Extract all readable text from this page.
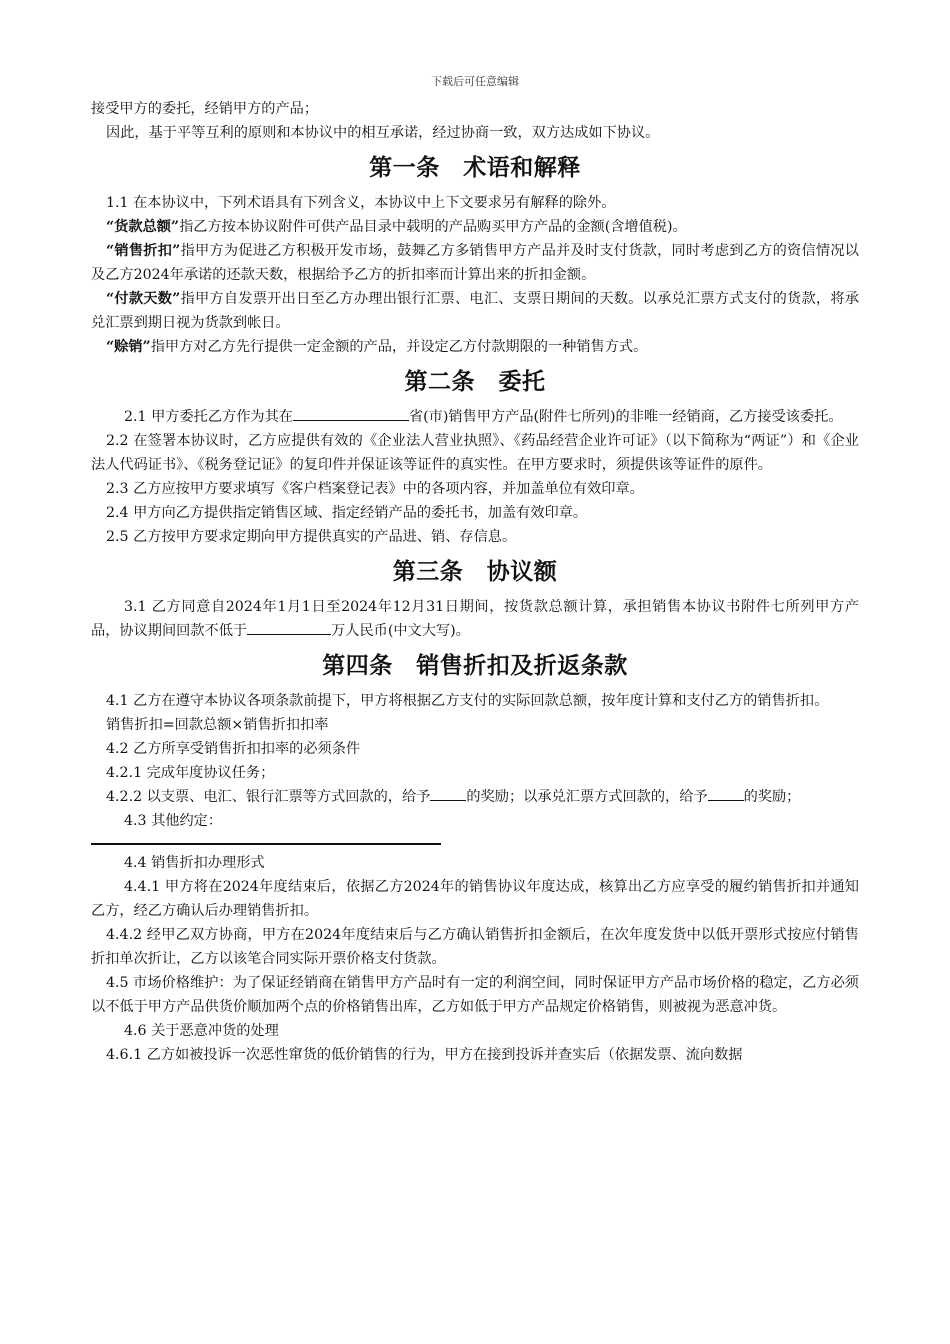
下载后可任意编辑

接受甲方的委托，经销甲方的产品；

因此，基于平等互利的原则和本协议中的相互承诺，经过协商一致，双方达成如下协议。

第一条　术语和解释

1.1 在本协议中，下列术语具有下列含义，本协议中上下文要求另有解释的除外。

“货款总额”指乙方按本协议附件可供产品目录中载明的产品购买甲方产品的金额(含增值税)。

“销售折扣”指甲方为促进乙方积极开发市场，鼓舞乙方多销售甲方产品并及时支付货款，同时考虑到乙方的资信情况以及乙方2024年承诺的还款天数，根据给予乙方的折扣率而计算出来的折扣金额。

“付款天数”指甲方自发票开出日至乙方办理出银行汇票、电汇、支票日期间的天数。以承兑汇票方式支付的货款，将承兑汇票到期日视为货款到帐日。

“赊销”指甲方对乙方先行提供一定金额的产品，并设定乙方付款期限的一种销售方式。

第二条　委托

2.1 甲方委托乙方作为其在	省(市)销售甲方产品(附件七所列)的非唯一经销商，乙方接受该委托。

2.2 在签署本协议时，乙方应提供有效的《企业法人营业执照》、《药品经营企业许可证》（以下简称为“两证”）和《企业法人代码证书》、《税务登记证》的复印件并保证该等证件的真实性。在甲方要求时，须提供该等证件的原件。

2.3 乙方应按甲方要求填写《客户档案登记表》中的各项内容，并加盖单位有效印章。

2.4 甲方向乙方提供指定销售区域、指定经销产品的委托书，加盖有效印章。

2.5 乙方按甲方要求定期向甲方提供真实的产品进、销、存信息。

第三条　协议额

3.1 乙方同意自2024年1月1日至2024年12月31日期间，按货款总额计算，承担销售本协议书附件七所列甲方产品，协议期间回款不低于	万人民币(中文大写)。

第四条　销售折扣及折返条款

4.1 乙方在遵守本协议各项条款前提下，甲方将根据乙方支付的实际回款总额，按年度计算和支付乙方的销售折扣。

销售折扣=回款总额×销售折扣扣率

4.2 乙方所享受销售折扣扣率的必须条件

4.2.1 完成年度协议任务；

4.2.2 以支票、电汇、银行汇票等方式回款的，给予	的奖励；以承兑汇票方式回款的，给予	的奖励；

4.3 其他约定：

4.4 销售折扣办理形式

4.4.1 甲方将在2024年度结束后，依据乙方2024年的销售协议年度达成，核算出乙方应享受的履约销售折扣并通知乙方，经乙方确认后办理销售折扣。

4.4.2 经甲乙双方协商，甲方在2024年度结束后与乙方确认销售折扣金额后，在次年度发货中以低开票形式按应付销售折扣单次折让，乙方以该笔合同实际开票价格支付货款。

4.5 市场价格维护：为了保证经销商在销售甲方产品时有一定的利润空间，同时保证甲方产品市场价格的稳定，乙方必须以不低于甲方产品供货价顺加两个点的价格销售出库，乙方如低于甲方产品规定价格销售，则被视为恶意冲货。

4.6 关于恶意冲货的处理

4.6.1 乙方如被投诉一次恶性窜货的低价销售的行为，甲方在接到投诉并查实后（依据发票、流向数据
